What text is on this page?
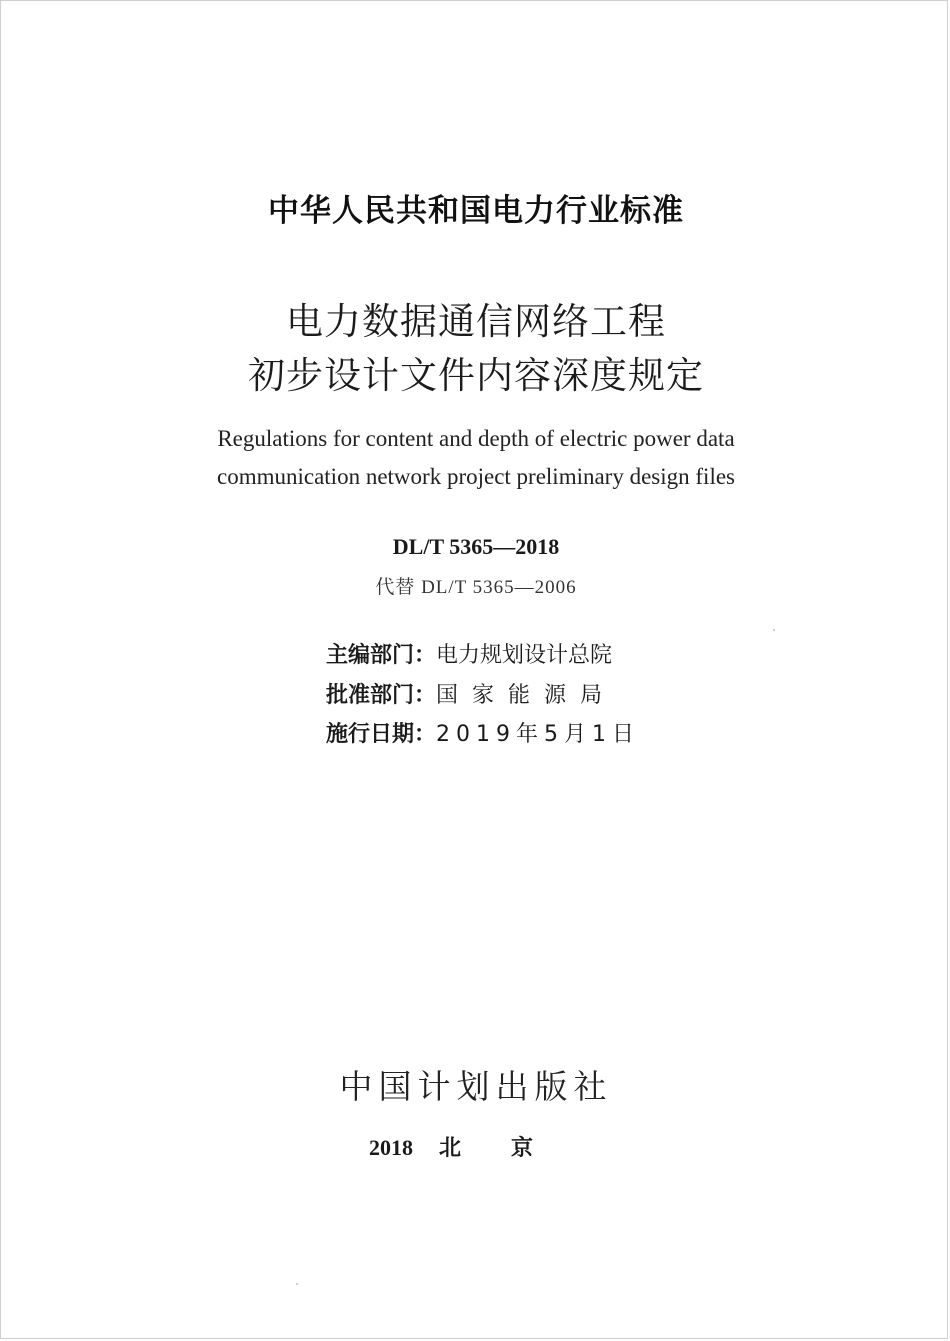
中华人民共和国电力行业标准
电力数据通信网络工程
初步设计文件内容深度规定
Regulations for content and depth of electric power data
communication network project preliminary design files
DL/T 5365—2018
代替 DL/T 5365—2006
主编部门：电力规划设计总院
批准部门：国家能源局
施行日期：2019年5月1日
中国计划出版社
2018 北京
